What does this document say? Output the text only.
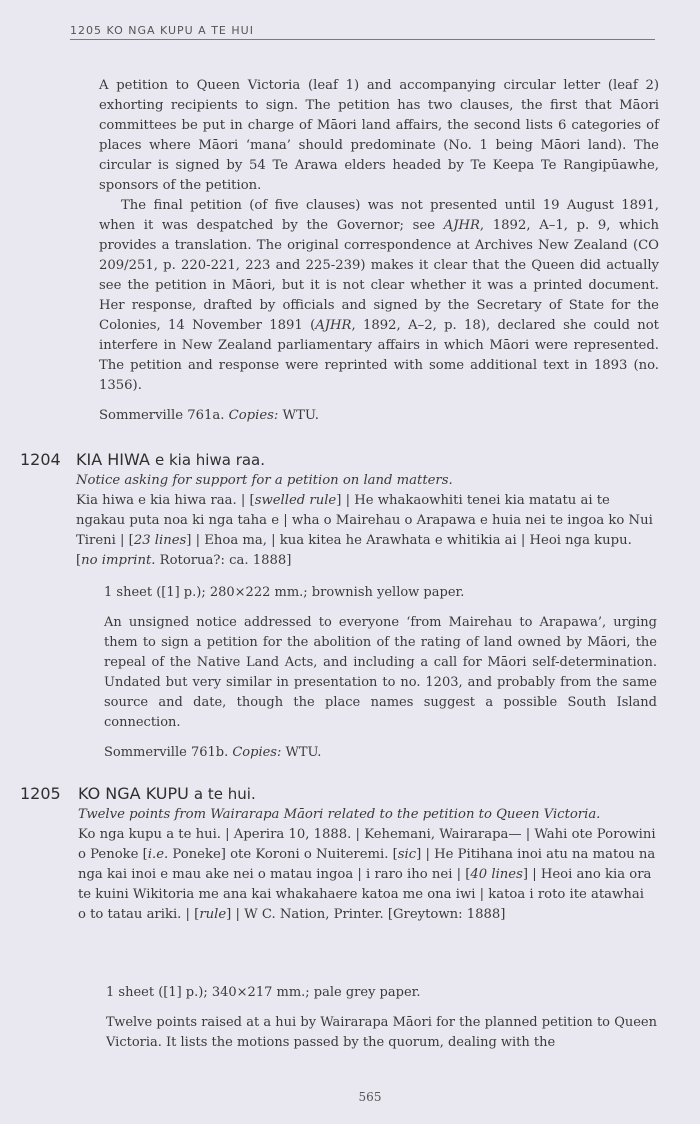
1205 KO NGA KUPU A TE HUI

A petition to Queen Victoria (leaf 1) and accompanying circular letter (leaf 2) exhorting recipients to sign. The petition has two clauses, the first that Māori committees be put in charge of Māori land affairs, the second lists 6 categories of places where Māori ‘mana’ should predominate (No. 1 being Māori land). The circular is signed by 54 Te Arawa elders headed by Te Keepa Te Rangipūawhe, sponsors of the petition.

The final petition (of five clauses) was not presented until 19 August 1891, when it was despatched by the Governor; see AJHR, 1892, A–1, p. 9, which provides a translation. The original correspondence at Archives New Zealand (CO 209/251, p. 220-221, 223 and 225-239) makes it clear that the Queen did actually see the petition in Māori, but it is not clear whether it was a printed document. Her response, drafted by officials and signed by the Secretary of State for the Colonies, 14 November 1891 (AJHR, 1892, A–2, p. 18), declared she could not interfere in New Zealand parliamentary affairs in which Māori were represented. The petition and response were reprinted with some additional text in 1893 (no. 1356).

Sommerville 761a. Copies: WTU.

1204 KIA HIWA e kia hiwa raa.

Notice asking for support for a petition on land matters.

Kia hiwa e kia hiwa raa. | [swelled rule] | He whakaowhiti tenei kia matatu ai te ngakau puta noa ki nga taha e | wha o Mairehau o Arapawa e huia nei te ingoa ko Nui Tireni | [23 lines] | Ehoa ma, | kua kitea he Arawhata e whitikia ai | Heoi nga kupu. [no imprint. Rotorua?: ca. 1888]

1 sheet ([1] p.); 280×222 mm.; brownish yellow paper.

An unsigned notice addressed to everyone ‘from Mairehau to Arapawa’, urging them to sign a petition for the abolition of the rating of land owned by Māori, the repeal of the Native Land Acts, and including a call for Māori self-determination. Undated but very similar in presentation to no. 1203, and probably from the same source and date, though the place names suggest a possible South Island connection.

Sommerville 761b. Copies: WTU.

1205 KO NGA KUPU a te hui.

Twelve points from Wairarapa Māori related to the petition to Queen Victoria.

Ko nga kupu a te hui. | Aperira 10, 1888. | Kehemani, Wairarapa— | Wahi ote Porowini o Penoke [i.e. Poneke] ote Koroni o Nuiteremi. [sic] | He Pitihana inoi atu na matou na nga kai inoi e mau ake nei o matau ingoa | i raro iho nei | [40 lines] | Heoi ano kia ora te kuini Wikitoria me ana kai whakahaere katoa me ona iwi | katoa i roto ite atawhai o to tatau ariki. | [rule] | W C. Nation, Printer. [Greytown: 1888]

1 sheet ([1] p.); 340×217 mm.; pale grey paper.

Twelve points raised at a hui by Wairarapa Māori for the planned petition to Queen Victoria. It lists the motions passed by the quorum, dealing with the

565
